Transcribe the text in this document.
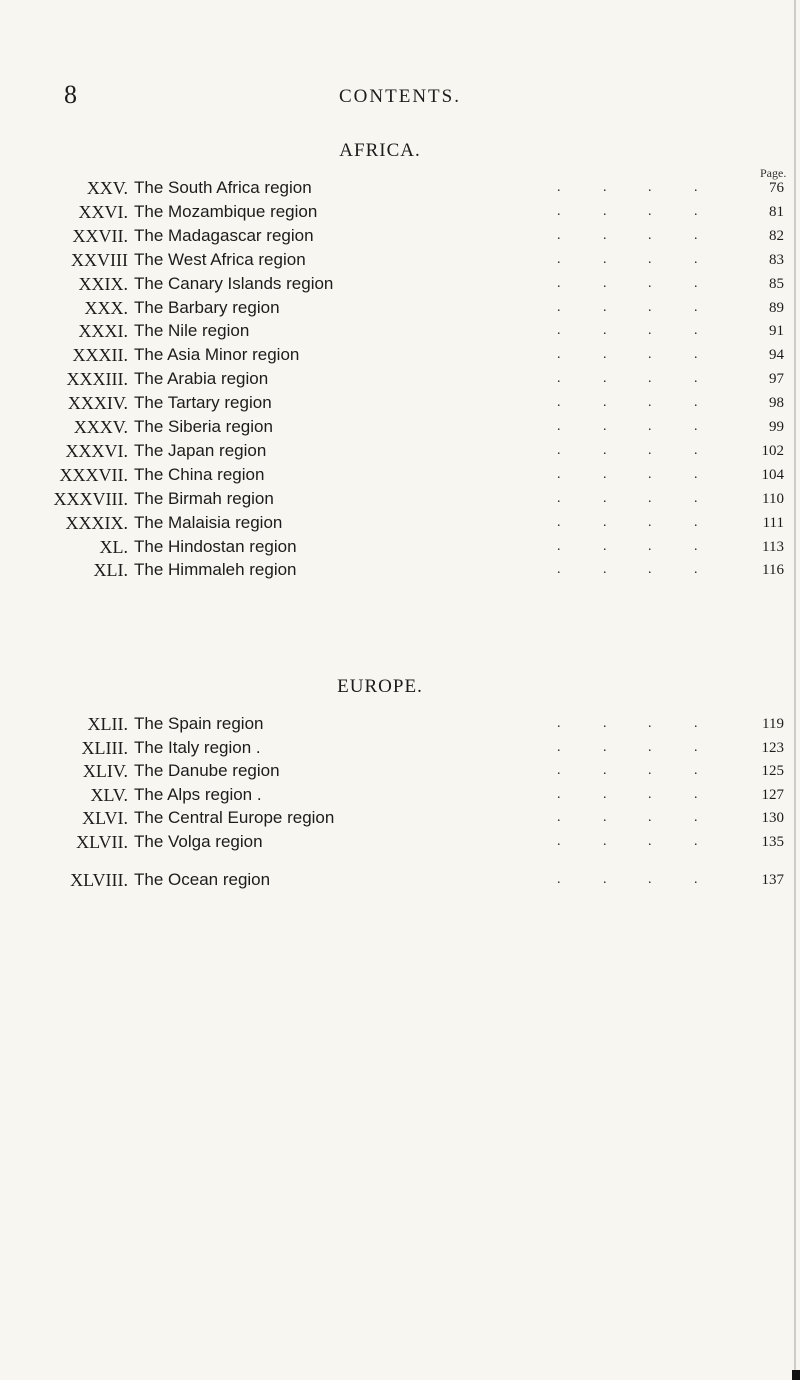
8	CONTENTS.
AFRICA.
Page.
XXV. The South Africa region	.	.	.	.	76
XXVI. The Mozambique region	.	.	.	.	81
XXVII. The Madagascar region	.	.	.	.	82
XXVIII The West Africa region	.	.	.	.	83
XXIX. The Canary Islands region	.	.	.	.	85
XXX. The Barbary region	.	.	.	.	89
XXXI. The Nile region	.	.	.	.	91
XXXII. The Asia Minor region	.	.	.	.	94
XXXIII. The Arabia region	.	.	.	.	97
XXXIV. The Tartary region	.	.	.	.	98
XXXV. The Siberia region	.	.	.	.	99
XXXVI. The Japan region	.	.	.	.	102
XXXVII. The China region	.	.	.	.	104
XXXVIII. The Birmah region	.	.	.	.	110
XXXIX. The Malaisia region	.	.	.	.	111
XL. The Hindostan region	.	.	.	.	113
XLI. The Himmaleh region	.	.	.	.	116
EUROPE.
XLII. The Spain region	.	.	.	.	119
XLIII. The Italy region .	.	.	.	.	123
XLIV. The Danube region	.	.	.	.	125
XLV. The Alps region .	.	.	.	.	127
XLVI. The Central Europe region	.	.	.	.	130
XLVII. The Volga region	.	.	.	.	135
XLVIII. The Ocean region	.	.	.	.	137
